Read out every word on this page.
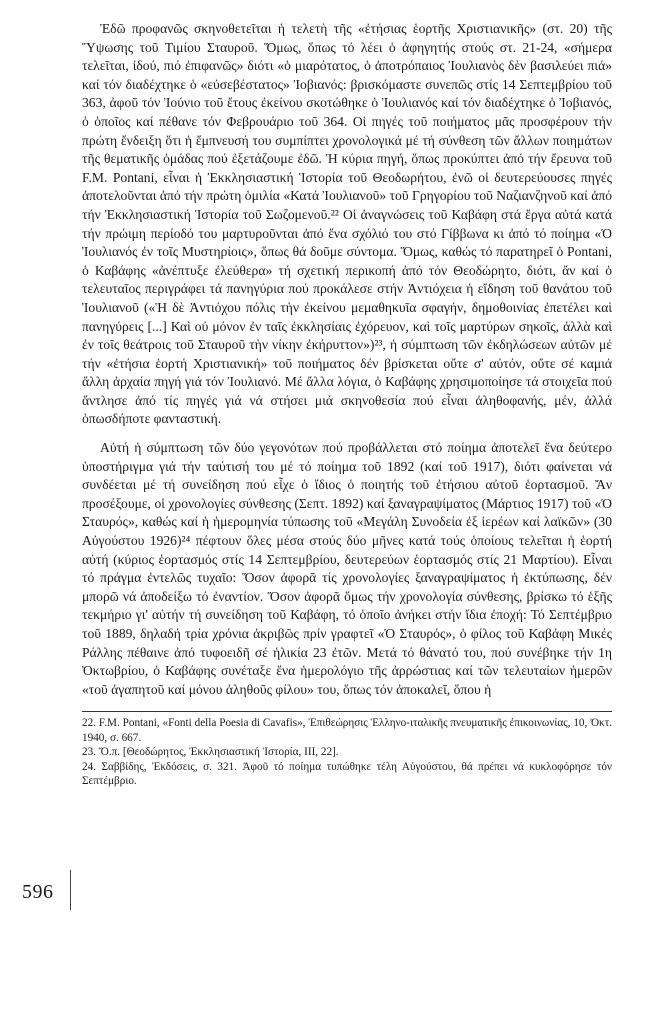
Ἐδῶ προφανῶς σκηνοθετεῖται ἡ τελετὴ τῆς «ἐτήσιας ἑορτῆς Χριστιανικῆς» (στ. 20) τῆς Ὕψωσης τοῦ Τιμίου Σταυροῦ. Ὅμως, ὅπως τό λέει ὁ ἀφηγητής στούς στ. 21-24, «σήμερα τελεῖται, ἰδού, πιό ἐπιφανῶς» διότι «ὁ μιαρότατος, ὁ ἀποτρόπαιος Ἰουλιανὸς δὲν βασιλεύει πιά» καί τόν διαδέχτηκε ὁ «εὐσεβέστατος» Ἰοβιανός: βρισκόμαστε συνεπῶς στίς 14 Σεπτεμβρίου τοῦ 363, ἀφοῦ τόν Ἰούνιο τοῦ ἔτους ἐκείνου σκοτώθηκε ὁ Ἰουλιανός καί τόν διαδέχτηκε ὁ Ἰοβιανός, ὁ ὁποῖος καί πέθανε τόν Φεβρουάριο τοῦ 364. Οἱ πηγές τοῦ ποιήματος μᾶς προσφέρουν τήν πρώτη ἔνδειξη ὅτι ἡ ἔμπνευσή του συμπίπτει χρονολογικά μέ τή σύνθεση τῶν ἄλλων ποιημάτων τῆς θεματικῆς ὁμάδας πού ἐξετάζουμε ἐδῶ. Ἡ κύρια πηγή, ὅπως προκύπτει ἀπό τήν ἔρευνα τοῦ F.M. Pontani, εἶναι ἡ Ἐκκλησιαστική Ἱστορία τοῦ Θεοδωρήτου, ἐνῶ οἱ δευτερεύουσες πηγές ἀποτελοῦνται ἀπό τήν πρώτη ὁμιλία «Κατά Ἰουλιανοῦ» τοῦ Γρηγορίου τοῦ Ναζιανζηνοῦ καί ἀπό τήν Ἐκκλησιαστική Ἱστορία τοῦ Σωζομενοῦ.²² Οἱ ἀναγνώσεις τοῦ Καβάφη στά ἔργα αὐτά κατά τήν πρώιμη περίοδό του μαρτυροῦνται ἀπό ἕνα σχόλιό του στό Γίββωνα κι ἀπό τό ποίημα «Ὁ Ἰουλιανός ἐν τοῖς Μυστηρίοις», ὅπως θά δοῦμε σύντομα. Ὅμως, καθώς τό παρατηρεῖ ὁ Pontani, ὁ Καβάφης «ἀνέπτυξε ἐλεύθερα» τή σχετική περικοπή ἀπό τόν Θεοδώρητο, διότι, ἄν καί ὁ τελευταῖος περιγράφει τά πανηγύρια πού προκάλεσε στήν Ἀντιόχεια ἡ εἴδηση τοῦ θανάτου τοῦ Ἰουλιανοῦ («Ἡ δὲ Ἀντιόχου πόλις τὴν ἐκείνου μεμαθηκυῖα σφαγήν, δημοθοινίας ἐπετέλει καὶ πανηγύρεις [...] Καὶ οὐ μόνον ἐν ταῖς ἐκκλησίαις ἐχόρευον, καὶ τοῖς μαρτύρων σηκοῖς, ἀλλὰ καὶ ἐν τοῖς θεάτροις τοῦ Σταυροῦ τὴν νίκην ἐκήρυττον»)²³, ἡ σύμπτωση τῶν ἐκδηλώσεων αὐτῶν μέ τήν «ἐτήσια ἑορτή Χριστιανική» τοῦ ποιήματος δέν βρίσκεται οὔτε σ' αὐτόν, οὔτε σέ καμιά ἄλλη ἀρχαία πηγή γιά τόν Ἰουλιανό. Μέ ἄλλα λόγια, ὁ Καβάφης χρησιμοποίησε τά στοιχεῖα πού ἄντλησε ἀπό τίς πηγές γιά νά στήσει μιά σκηνοθεσία πού εἶναι ἀληθοφανής, μέν, ἀλλά ὁπωσδήποτε φανταστική.

Αὐτή ἡ σύμπτωση τῶν δύο γεγονότων πού προβάλλεται στό ποίημα ἀποτελεῖ ἕνα δεύτερο ὑποστήριγμα γιά τήν ταύτισή του μέ τό ποίημα τοῦ 1892 (καί τοῦ 1917), διότι φαίνεται νά συνδέεται μέ τή συνείδηση πού εἶχε ὁ ἴδιος ὁ ποιητής τοῦ ἐτήσιου αὐτοῦ ἑορτασμοῦ. Ἄν προσέξουμε, οἱ χρονολογίες σύνθεσης (Σεπτ. 1892) καί ξαναγραψίματος (Μάρτιος 1917) τοῦ «Ὁ Σταυρός», καθώς καί ἡ ἡμερομηνία τύπωσης τοῦ «Μεγάλη Συνοδεία ἐξ ἱερέων καί λαϊκῶν» (30 Αὐγούστου 1926)²⁴ πέφτουν ὅλες μέσα στούς δύο μῆνες κατά τούς ὁποίους τελεῖται ἡ ἑορτή αὐτή (κύριος ἑορτασμός στίς 14 Σεπτεμβρίου, δευτερεύων ἑορτασμός στίς 21 Μαρτίου). Εἶναι τό πράγμα ἐντελῶς τυχαῖο: Ὅσον ἀφορᾶ τίς χρονολογίες ξαναγραψίματος ἡ ἐκτύπωσης, δέν μπορῶ νά ἀποδείξω τό ἐναντίον. Ὅσον ἀφορᾶ ὅμως τήν χρονολογία σύνθεσης, βρίσκω τό ἑξῆς τεκμήριο γι' αὐτήν τή συνείδηση τοῦ Καβάφη, τό ὁποῖο ἀνήκει στήν ἴδια ἐποχή: Τό Σεπτέμβριο τοῦ 1889, δηλαδή τρία χρόνια ἀκριβῶς πρίν γραφτεῖ «Ὁ Σταυρός», ὁ φίλος τοῦ Καβάφη Μικές Ράλλης πέθαινε ἀπό τυφοειδῆ σέ ἡλικία 23 ἐτῶν. Μετά τό θάνατό του, πού συνέβηκε τήν 1η Ὀκτωβρίου, ὁ Καβάφης συνέταξε ἕνα ἡμερολόγιο τῆς ἀρρώστιας καί τῶν τελευταίων ἡμερῶν «τοῦ ἀγαπητοῦ καί μόνου ἀληθοῦς φίλου» του, ὅπως τόν ἀποκαλεῖ, ὅπου ἡ

22. F.M. Pontani, «Fonti della Poesia di Cavafis», Ἐπιθεώρησις Ἑλληνο-ιταλικῆς πνευματικῆς ἐπικοινωνίας, 10, Ὀκτ. 1940, σ. 667.

23. Ὅ.π. [Θεοδώρητος, Ἐκκλησιαστική Ἱστορία, III, 22].

24. Σαββίδης, Ἐκδόσεις, σ. 321. Ἀφοῦ τό ποίημα τυπώθηκε τέλη Αὐγούστου, θά πρέπει νά κυκλοφόρησε τόν Σεπτέμβριο.

596
